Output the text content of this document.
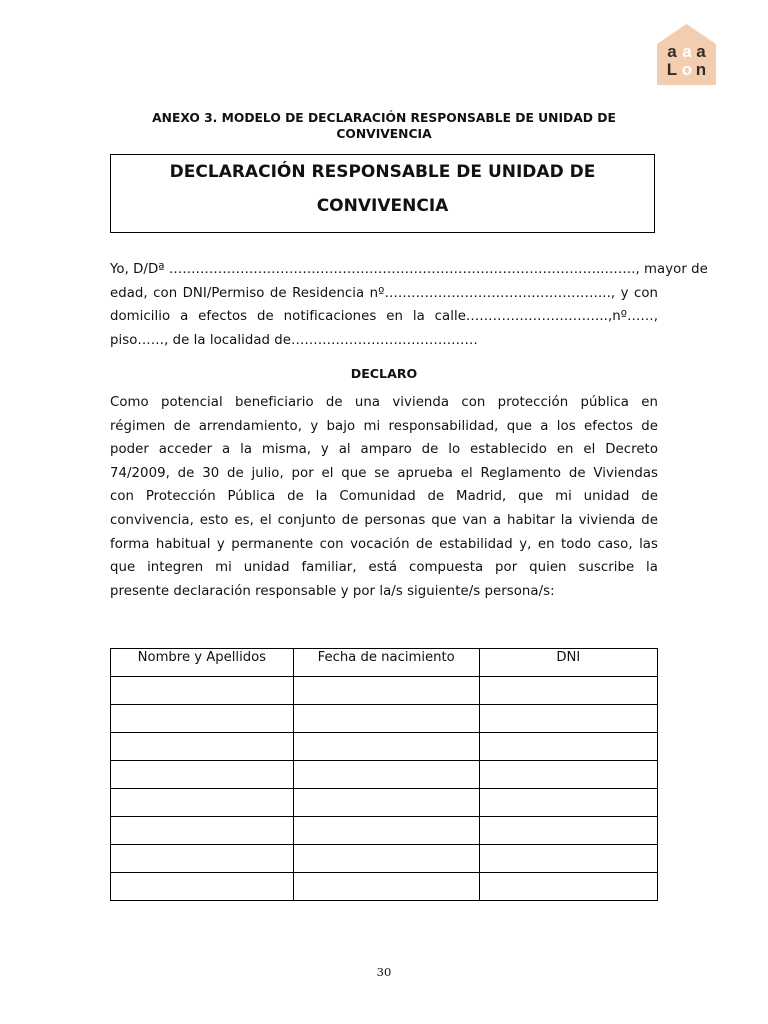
a a a
L o n
ANEXO 3. MODELO DE DECLARACIÓN RESPONSABLE DE UNIDAD DE CONVIVENCIA
DECLARACIÓN RESPONSABLE DE UNIDAD DE
CONVIVENCIA
Yo, D/Dª ……………………………………………………………………………………..……., mayor de
edad, con DNI/Permiso de Residencia nº……………………………….………….., y con
domicilio a efectos de notificaciones en la calle…………………………..,nº……,
piso……, de la localidad de……………………………………
DECLARO
Como potencial beneficiario de una vivienda con protección pública en
régimen de arrendamiento, y bajo mi responsabilidad, que a los efectos de
poder acceder a la misma, y al amparo de lo establecido en el Decreto
74/2009, de 30 de julio, por el que se aprueba el Reglamento de Viviendas
con Protección Pública de la Comunidad de Madrid, que mi unidad de
convivencia, esto es, el conjunto de personas que van a habitar la vivienda de
forma habitual y permanente con vocación de estabilidad y, en todo caso, las
que integren mi unidad familiar, está compuesta por quien suscribe la
presente declaración responsable y por la/s siguiente/s persona/s:
Nombre y Apellidos	Fecha de nacimiento	DNI

30
